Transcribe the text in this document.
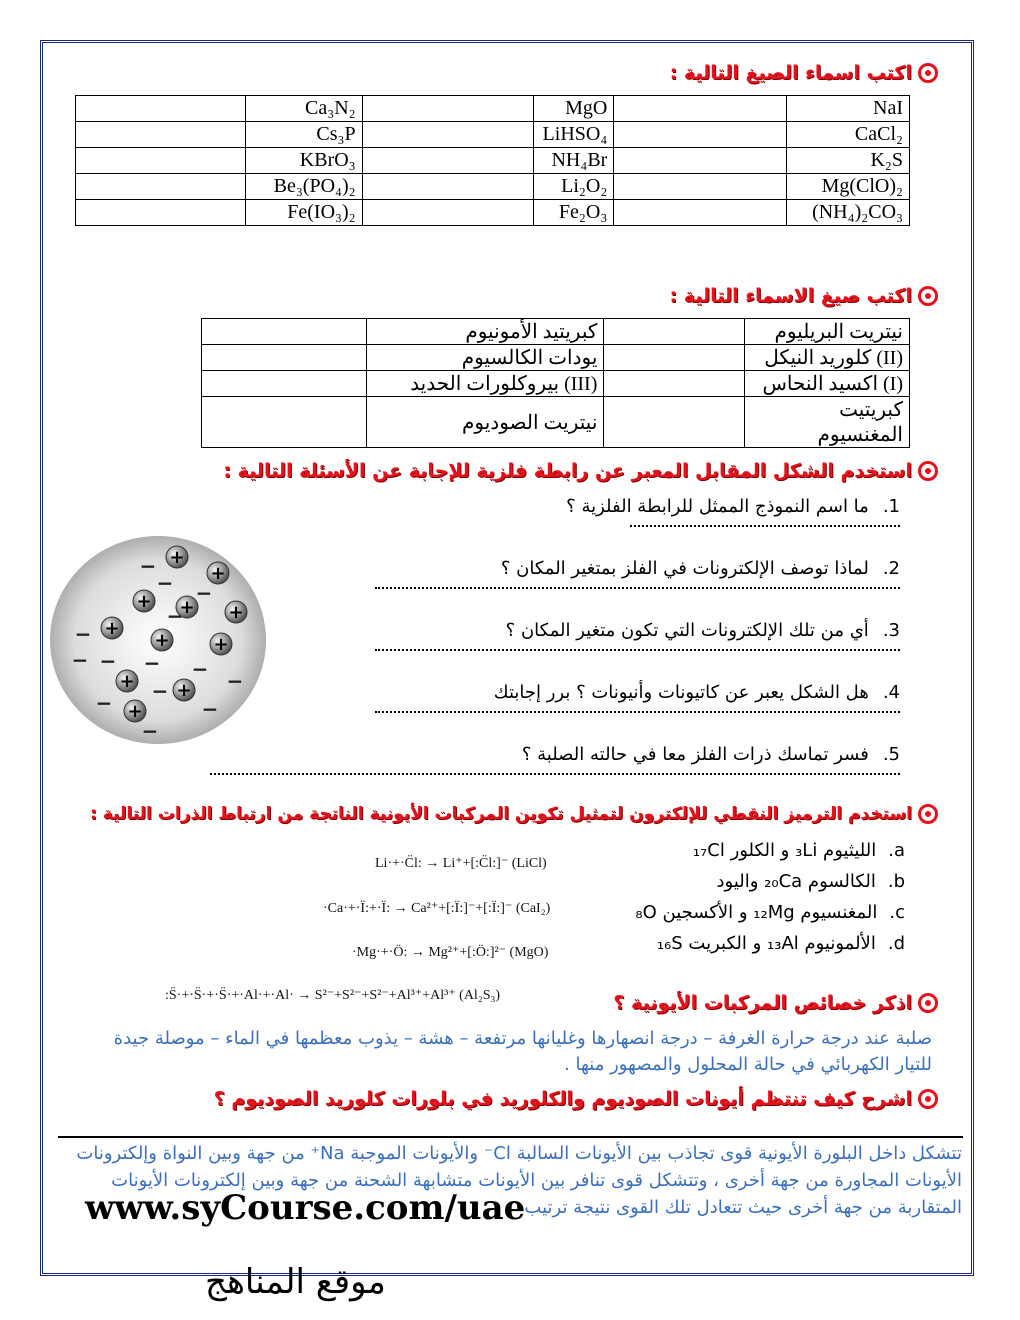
اكتب اسماء الصيغ التالية :
	Ca₃N₂		MgO		NaI
	Cs₃P		LiHSO₄		CaCl₂
	KBrO₃		NH₄Br		K₂S
	Be₃(PO₄)₂		Li₂O₂		Mg(ClO)₂
	Fe(IO₃)₂		Fe₂O₃		(NH₄)₂CO₃
اكتب صيغ الاسماء التالية :
	كبريتيد الأمونيوم		نيتريت البريليوم
	يودات الكالسيوم		كلوريد النيكل (II)
	بيروكلورات الحديد (III)		اكسيد النحاس (I)
	نيتريت الصوديوم		كبريتيت المغنسيوم
استخدم الشكل المقابل المعبر عن رابطة فلزية للإجابة عن الأسئلة التالية :
+
+
+ +
+
+ +
+ +
+
+
−
− −
−
−
−
−	− −
−	−
−	−
−
1.
ما اسم النموذج الممثل للرابطة الفلزية ؟
2.
لماذا توصف الإلكترونات في الفلز بمتغير المكان ؟
3.
أي من تلك الإلكترونات التي تكون متغير المكان ؟
4.
هل الشكل يعبر عن كاتيونات وأنيونات ؟ برر إجابتك
5.
فسر تماسك ذرات الفلز معا في حالته الصلبة ؟
استخدم الترميز النقطي للإلكترون لتمثيل تكوين المركبات الأيونية الناتجة من ارتباط الذرات التالية :
a.
الليثيوم ₃Li و الكلور ₁₇Cl
b.
الكالسوم ₂₀Ca واليود
c.
المغنسيوم ₁₂Mg و الأكسجين ₈O
d.
الألمونيوم ₁₃Al و الكبريت ₁₆S
Li·+·C̈l: → Li⁺+[:C̈l:]⁻ (LiCl)
·Ca·+·Ï:+·Ï: → Ca²⁺+[:Ï:]⁻+[:Ï:]⁻ (CaI₂)
·Mg·+·Ö: → Mg²⁺+[:Ö:]²⁻ (MgO)
:S̈·+·S̈·+·S̈·+·Al·+·Al· → S²⁻+S²⁻+S²⁻+Al³⁺+Al³⁺ (Al₂S₃)	اذكر خصائص المركبات الأيونية ؟
صلبة عند درجة حرارة الغرفة – درجة انصهارها وغليانها مرتفعة – هشة – يذوب معظمها في الماء – موصلة جيدة للتيار الكهربائي في حالة المحلول والمصهور منها .
اشرح كيف تنتظم أيونات الصوديوم والكلوريد في بلورات كلوريد الصوديوم ؟
تتشكل داخل البلورة الأيونية قوى تجاذب بين الأيونات السالبة Cl⁻ والأيونات الموجبة Na⁺ من جهة وبين النواة وإلكترونات الأيونات المجاورة من جهة أخرى ، وتتشكل قوى تنافر بين الأيونات متشابهة الشحنة من جهة وبين إلكترونات الأيونات المتقاربة من جهة أخرى حيث تتعادل تلك القوى نتيجة ترتيب
www.syCourse.com/uae
موقع المناهج
